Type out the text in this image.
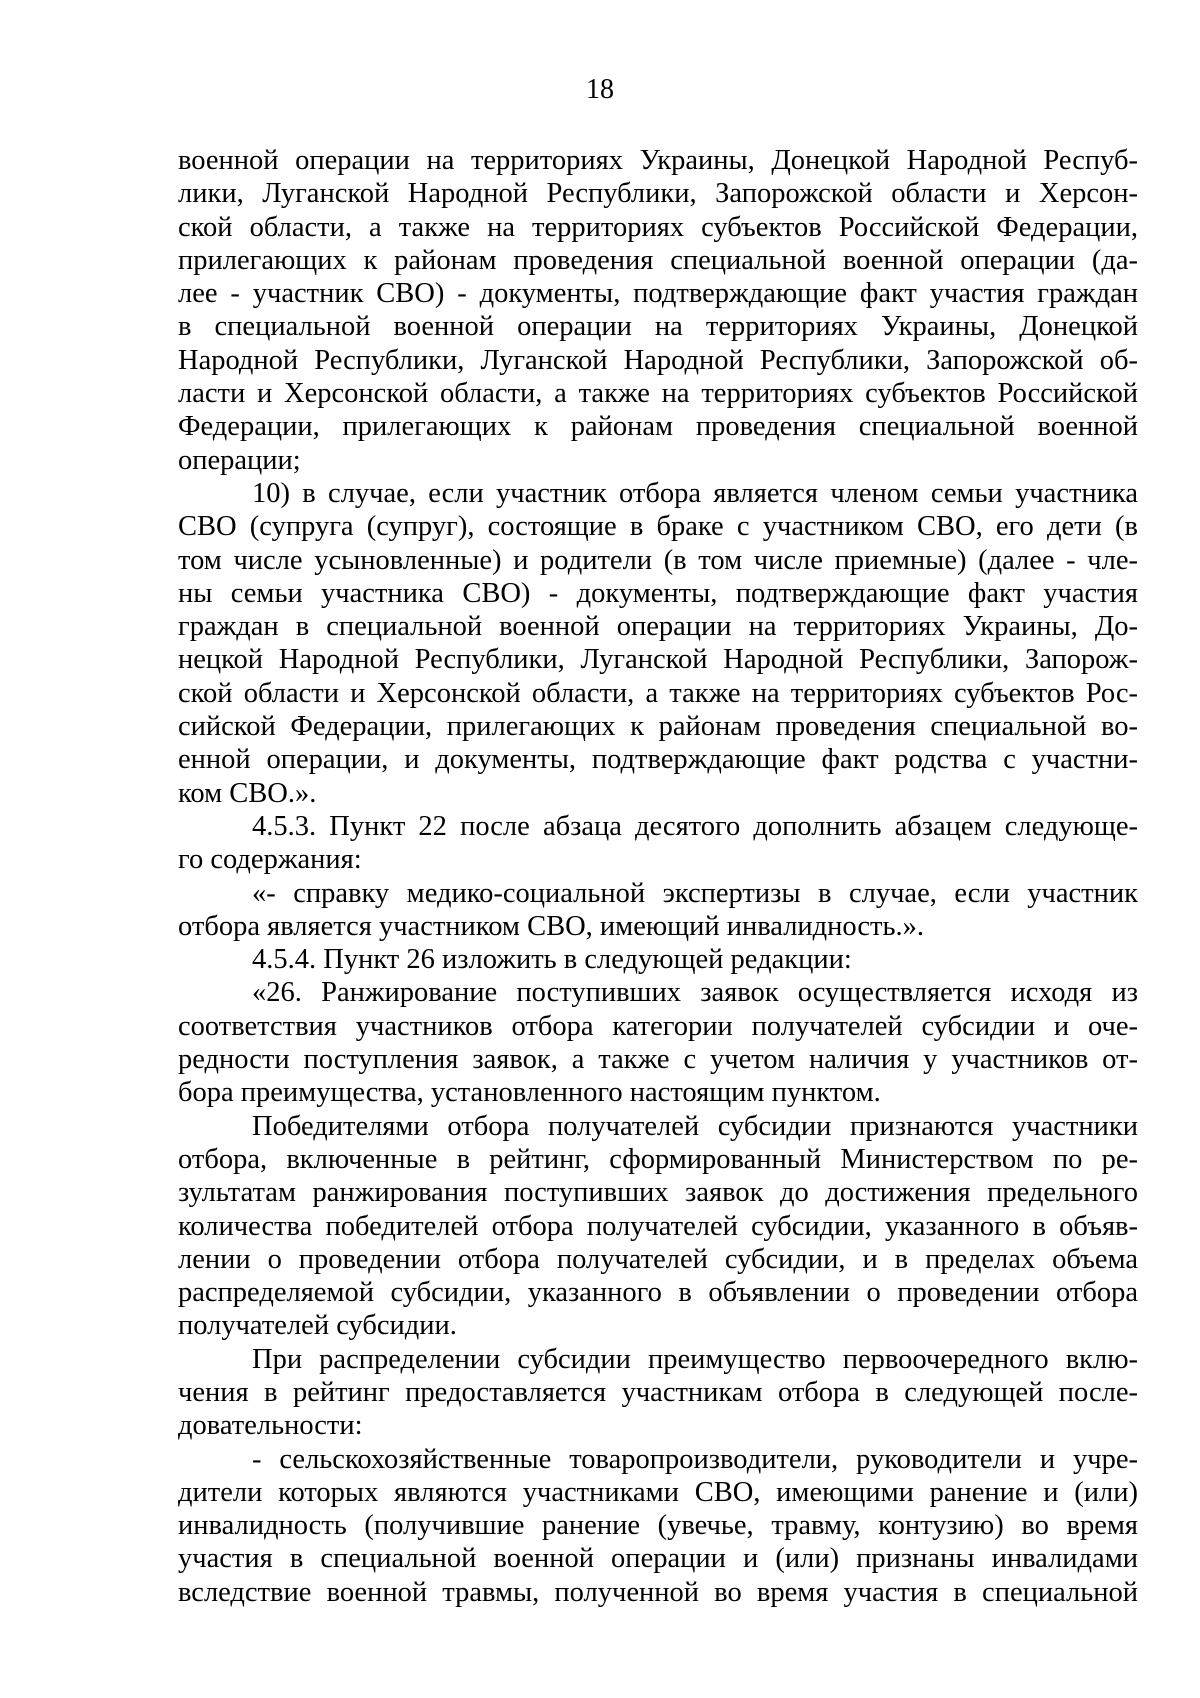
18
военной операции на территориях Украины, Донецкой Народной Респуб-
лики, Луганской Народной Республики, Запорожской области и Херсон-
ской области, а также на территориях субъектов Российской Федерации,
прилегающих к районам проведения специальной военной операции (да-
лее - участник СВО) - документы, подтверждающие факт участия граждан
в специальной военной операции на территориях Украины, Донецкой
Народной Республики, Луганской Народной Республики, Запорожской об-
ласти и Херсонской области, а также на территориях субъектов Российской
Федерации, прилегающих к районам проведения специальной военной
операции;
10) в случае, если участник отбора является членом семьи участника
СВО (супруга (супруг), состоящие в браке с участником СВО, его дети (в
том числе усыновленные) и родители (в том числе приемные) (далее - чле-
ны семьи участника СВО) - документы, подтверждающие факт участия
граждан в специальной военной операции на территориях Украины, До-
нецкой Народной Республики, Луганской Народной Республики, Запорож-
ской области и Херсонской области, а также на территориях субъектов Рос-
сийской Федерации, прилегающих к районам проведения специальной во-
енной операции, и документы, подтверждающие факт родства с участни-
ком СВО.».
4.5.3. Пункт 22 после абзаца десятого дополнить абзацем следующе-
го содержания:
«- справку медико-социальной экспертизы в случае, если участник
отбора является участником СВО, имеющий инвалидность.».
4.5.4. Пункт 26 изложить в следующей редакции:
«26. Ранжирование поступивших заявок осуществляется исходя из
соответствия участников отбора категории получателей субсидии и оче-
редности поступления заявок, а также с учетом наличия у участников от-
бора преимущества, установленного настоящим пунктом.
Победителями отбора получателей субсидии признаются участники
отбора, включенные в рейтинг, сформированный Министерством по ре-
зультатам ранжирования поступивших заявок до достижения предельного
количества победителей отбора получателей субсидии, указанного в объяв-
лении о проведении отбора получателей субсидии, и в пределах объема
распределяемой субсидии, указанного в объявлении о проведении отбора
получателей субсидии.
При распределении субсидии преимущество первоочередного вклю-
чения в рейтинг предоставляется участникам отбора в следующей после-
довательности:
- сельскохозяйственные товаропроизводители, руководители и учре-
дители которых являются участниками СВО, имеющими ранение и (или)
инвалидность (получившие ранение (увечье, травму, контузию) во время
участия в специальной военной операции и (или) признаны инвалидами
вследствие военной травмы, полученной во время участия в специальной
